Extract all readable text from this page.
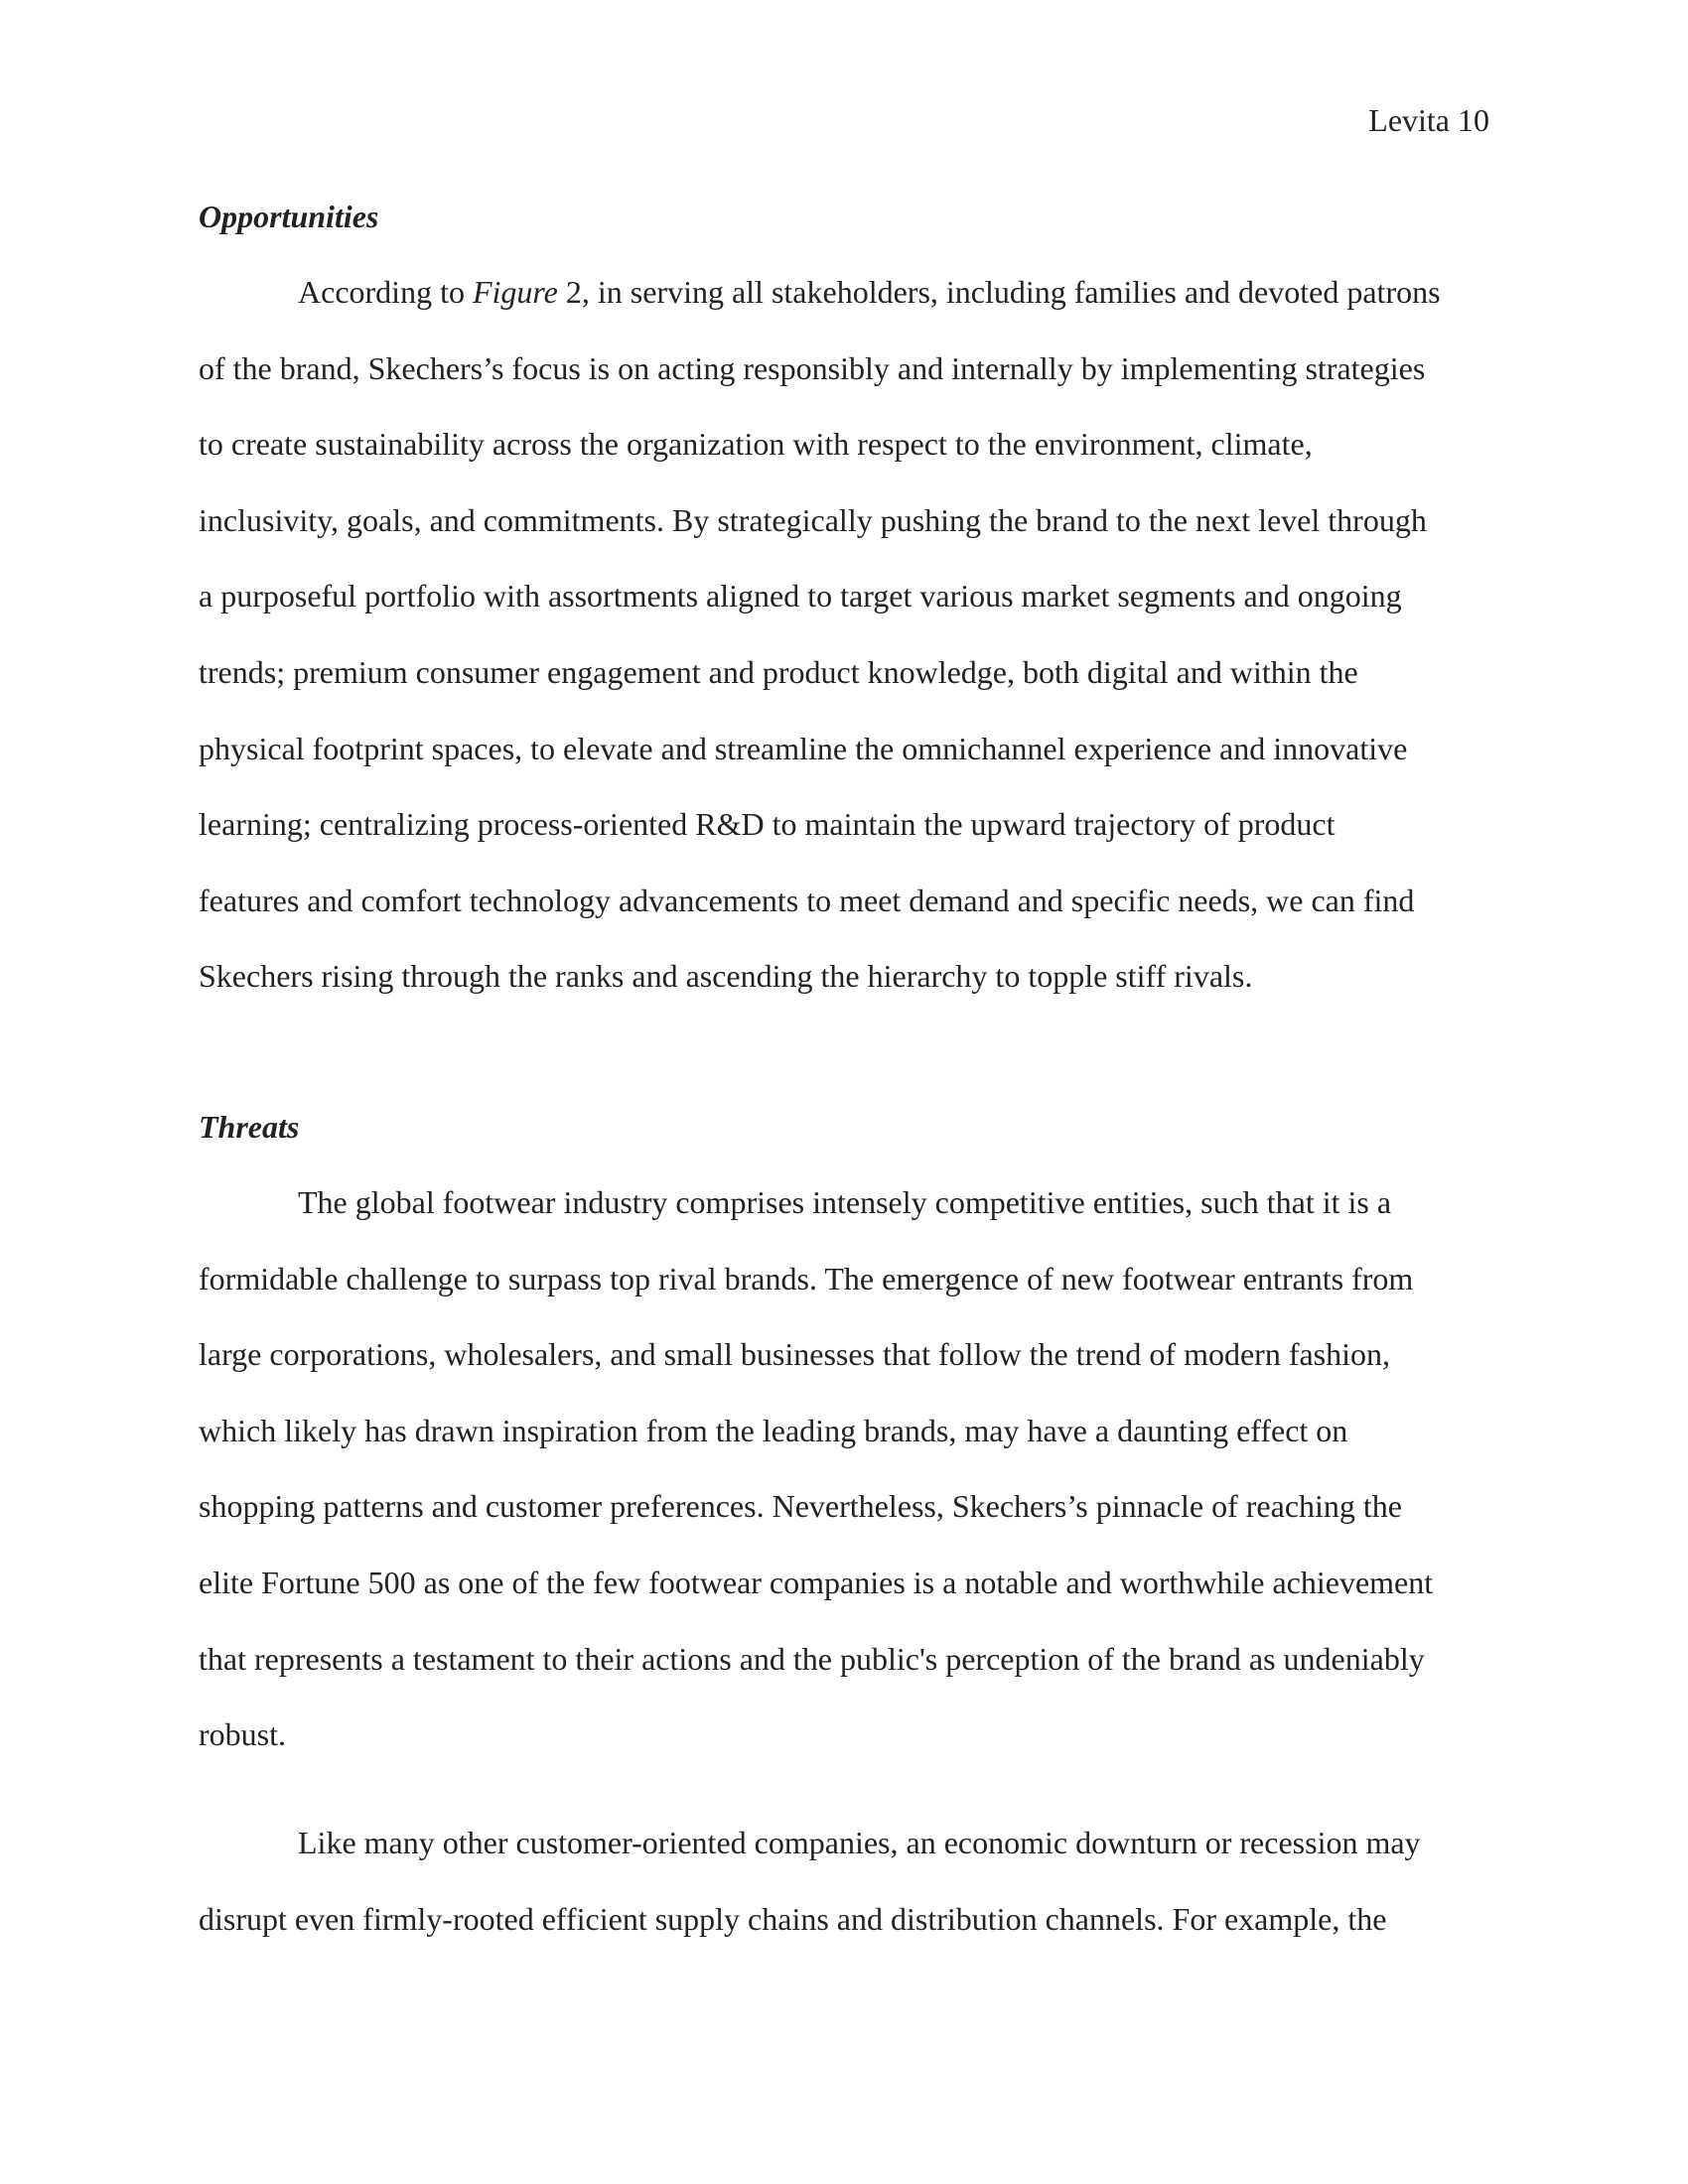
Levita 10
Opportunities
According to Figure 2, in serving all stakeholders, including families and devoted patrons
of the brand, Skechers’s focus is on acting responsibly and internally by implementing strategies
to create sustainability across the organization with respect to the environment, climate,
inclusivity, goals, and commitments. By strategically pushing the brand to the next level through
a purposeful portfolio with assortments aligned to target various market segments and ongoing
trends; premium consumer engagement and product knowledge, both digital and within the
physical footprint spaces, to elevate and streamline the omnichannel experience and innovative
learning; centralizing process-oriented R&D to maintain the upward trajectory of product
features and comfort technology advancements to meet demand and specific needs, we can find
Skechers rising through the ranks and ascending the hierarchy to topple stiff rivals.
Threats
The global footwear industry comprises intensely competitive entities, such that it is a
formidable challenge to surpass top rival brands. The emergence of new footwear entrants from
large corporations, wholesalers, and small businesses that follow the trend of modern fashion,
which likely has drawn inspiration from the leading brands, may have a daunting effect on
shopping patterns and customer preferences. Nevertheless, Skechers’s pinnacle of reaching the
elite Fortune 500 as one of the few footwear companies is a notable and worthwhile achievement
that represents a testament to their actions and the public's perception of the brand as undeniably
robust.
Like many other customer-oriented companies, an economic downturn or recession may
disrupt even firmly-rooted efficient supply chains and distribution channels. For example, the
